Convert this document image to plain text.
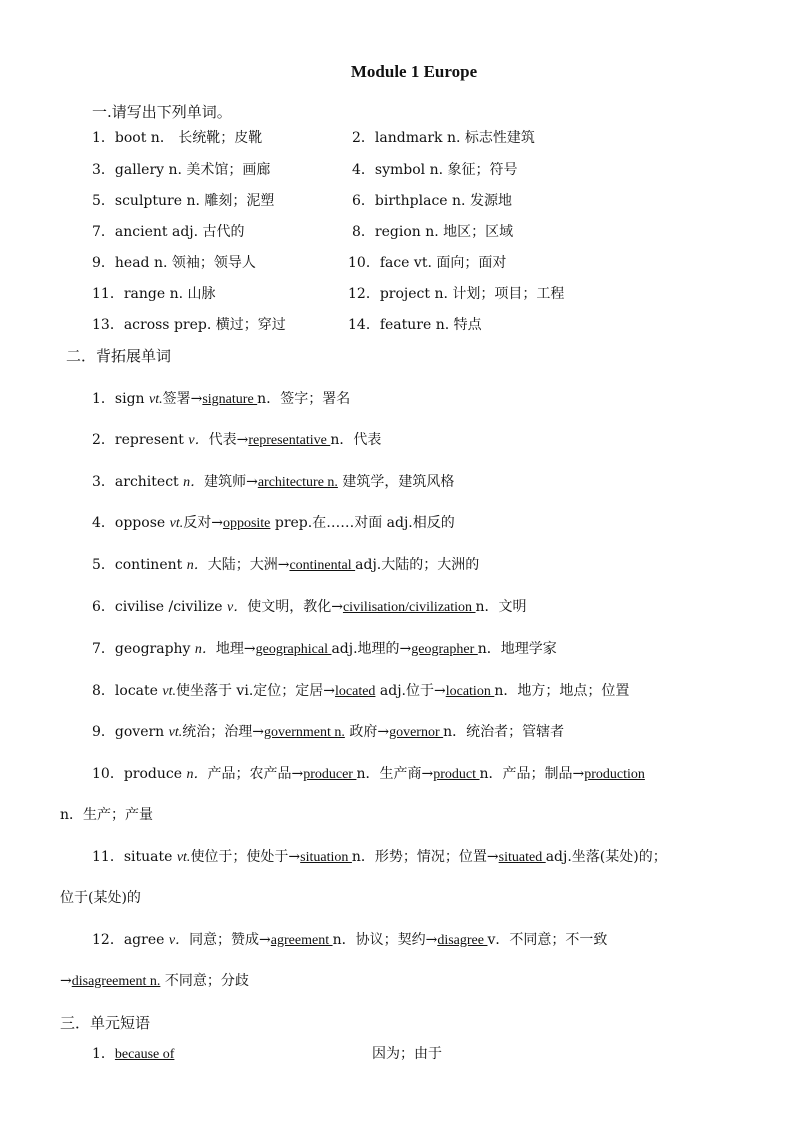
Module 1 Europe
一.请写出下列单词。
1．boot n． 长统靴；皮靴	2．landmark n. 标志性建筑
3．gallery n. 美术馆；画廊	4．symbol n. 象征；符号
5．sculpture n. 雕刻；泥塑	6．birthplace n. 发源地
7．ancient adj. 古代的	8．region n. 地区；区域
9．head n. 领袖；领导人	10．face vt. 面向；面对
11．range n. 山脉	12．project n. 计划；项目；工程
13．across prep. 横过；穿过	14．feature n. 特点
二．背拓展单词
1．sign vt.签署→signature n．签字；署名
2．represent v．代表→representative n．代表
3．architect n．建筑师→architecture n. 建筑学，建筑风格
4．oppose vt.反对→opposite prep.在……对面 adj.相反的
5．continent n．大陆；大洲→continental adj.大陆的；大洲的
6．civilise /civilize v．使文明，教化→civilisation/civilization n．文明
7．geography n．地理→geographical adj.地理的→geographer n．地理学家
8．locate vt.使坐落于 vi.定位；定居→located adj.位于→location n．地方；地点；位置
9．govern vt.统治；治理→government n. 政府→governor n．统治者；管辖者
10．produce n．产品；农产品→producer n．生产商→product n．产品；制品→production
n．生产；产量
11．situate vt.使位于；使处于→situation n．形势；情况；位置→situated adj.坐落(某处)的；
位于(某处)的
12．agree v．同意；赞成→agreement n．协议；契约→disagree v．不同意；不一致
→disagreement n. 不同意；分歧
三．单元短语
1．because of	因为；由于
